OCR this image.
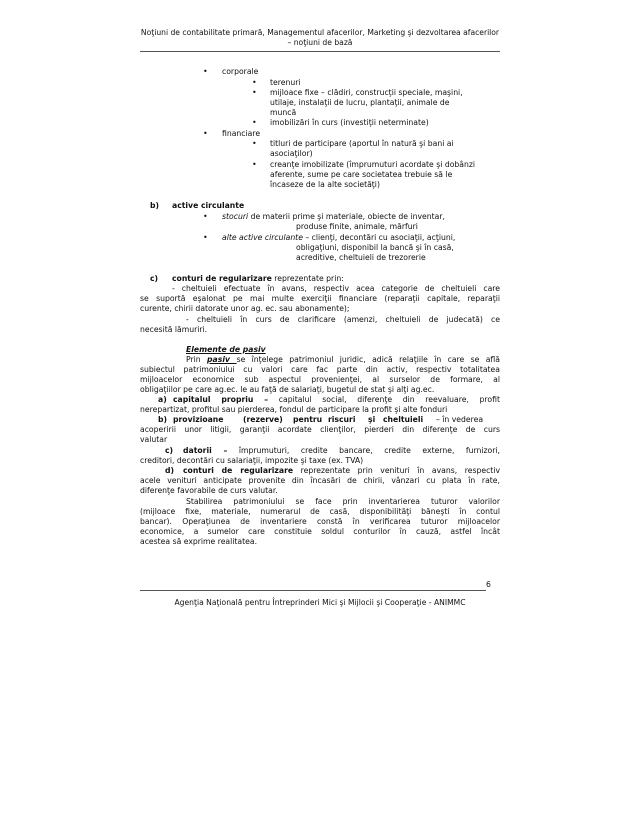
Noţiuni de contabilitate primară, Managementul afacerilor, Marketing şi dezvoltarea afacerilor
– noţiuni de bază
• corporale
• terenuri
• mijloace fixe – clădiri, construcţii speciale, maşini,
utilaje, instalaţii de lucru, plantaţii, animale de
muncă
• imobilizări în curs (investiţii neterminate)
• financiare
• titluri de participare (aportul în natură şi bani ai
asociaţilor)
• creanţe imobilizate (împrumuturi acordate şi dobânzi
aferente, sume pe care societatea trebuie să le
încaseze de la alte societăţi)
b) active circulante
• stocuri de materii prime şi materiale, obiecte de inventar,
produse finite, animale, mărfuri
• alte active circulante – clienţi, decontări cu asociaţii, acţiuni,
obligaţiuni, disponibil la bancă şi în casă,
acreditive, cheltuieli de trezorerie
c) conturi de regularizare reprezentate prin:
- cheltuieli efectuate în avans, respectiv acea categorie de cheltuieli care
se suportă eşalonat pe mai multe exerciţii financiare (reparaţii capitale, reparaţii
curente, chirii datorate unor ag. ec. sau abonamente);
- cheltuieli în curs de clarificare (amenzi, cheltuieli de judecată) ce
necesită lămuriri.
Elemente de pasiv
Prin pasiv se înţelege patrimoniul juridic, adică relaţiile în care se află
subiectul patrimoniului cu valori care fac parte din activ, respectiv totalitatea
mijloacelor economice sub aspectul provenienţei, al surselor de formare, al
obligaţiilor pe care ag.ec. le au faţă de salariaţi, bugetul de stat şi alţi ag.ec.
a) capitalul propriu – capitalul social, diferenţe din reevaluare, profit
nerepartizat, profitul sau pierderea, fondul de participare la profit şi alte fonduri
b) provizioane	(rezerve) pentru riscuri şi cheltuieli – în vederea
acoperirii unor litigii, garanţii acordate clienţilor, pierderi din diferenţe de curs
valutar
c) datorii – împrumuturi, credite bancare, credite externe, furnizori,
creditori, decontări cu salariaţii, impozite şi taxe (ex. TVA)
d) conturi de regularizare reprezentate prin venituri în avans, respectiv
acele venituri anticipate provenite din încasări de chirii, vânzari cu plata în rate,
diferenţe favorabile de curs valutar.
Stabilirea patrimoniului se face prin inventarierea tuturor valorilor
(mijloace fixe, materiale, numerarul de casă, disponibilităţi băneşti în contul
bancar). Operaţiunea de inventariere constă în verificarea tuturor mijloacelor
economice, a sumelor care constituie soldul conturilor în cauză, astfel încât
acestea să exprime realitatea.
6
Agenţia Naţională pentru Întreprinderi Mici şi Mijlocii şi Cooperaţie - ANIMMC
